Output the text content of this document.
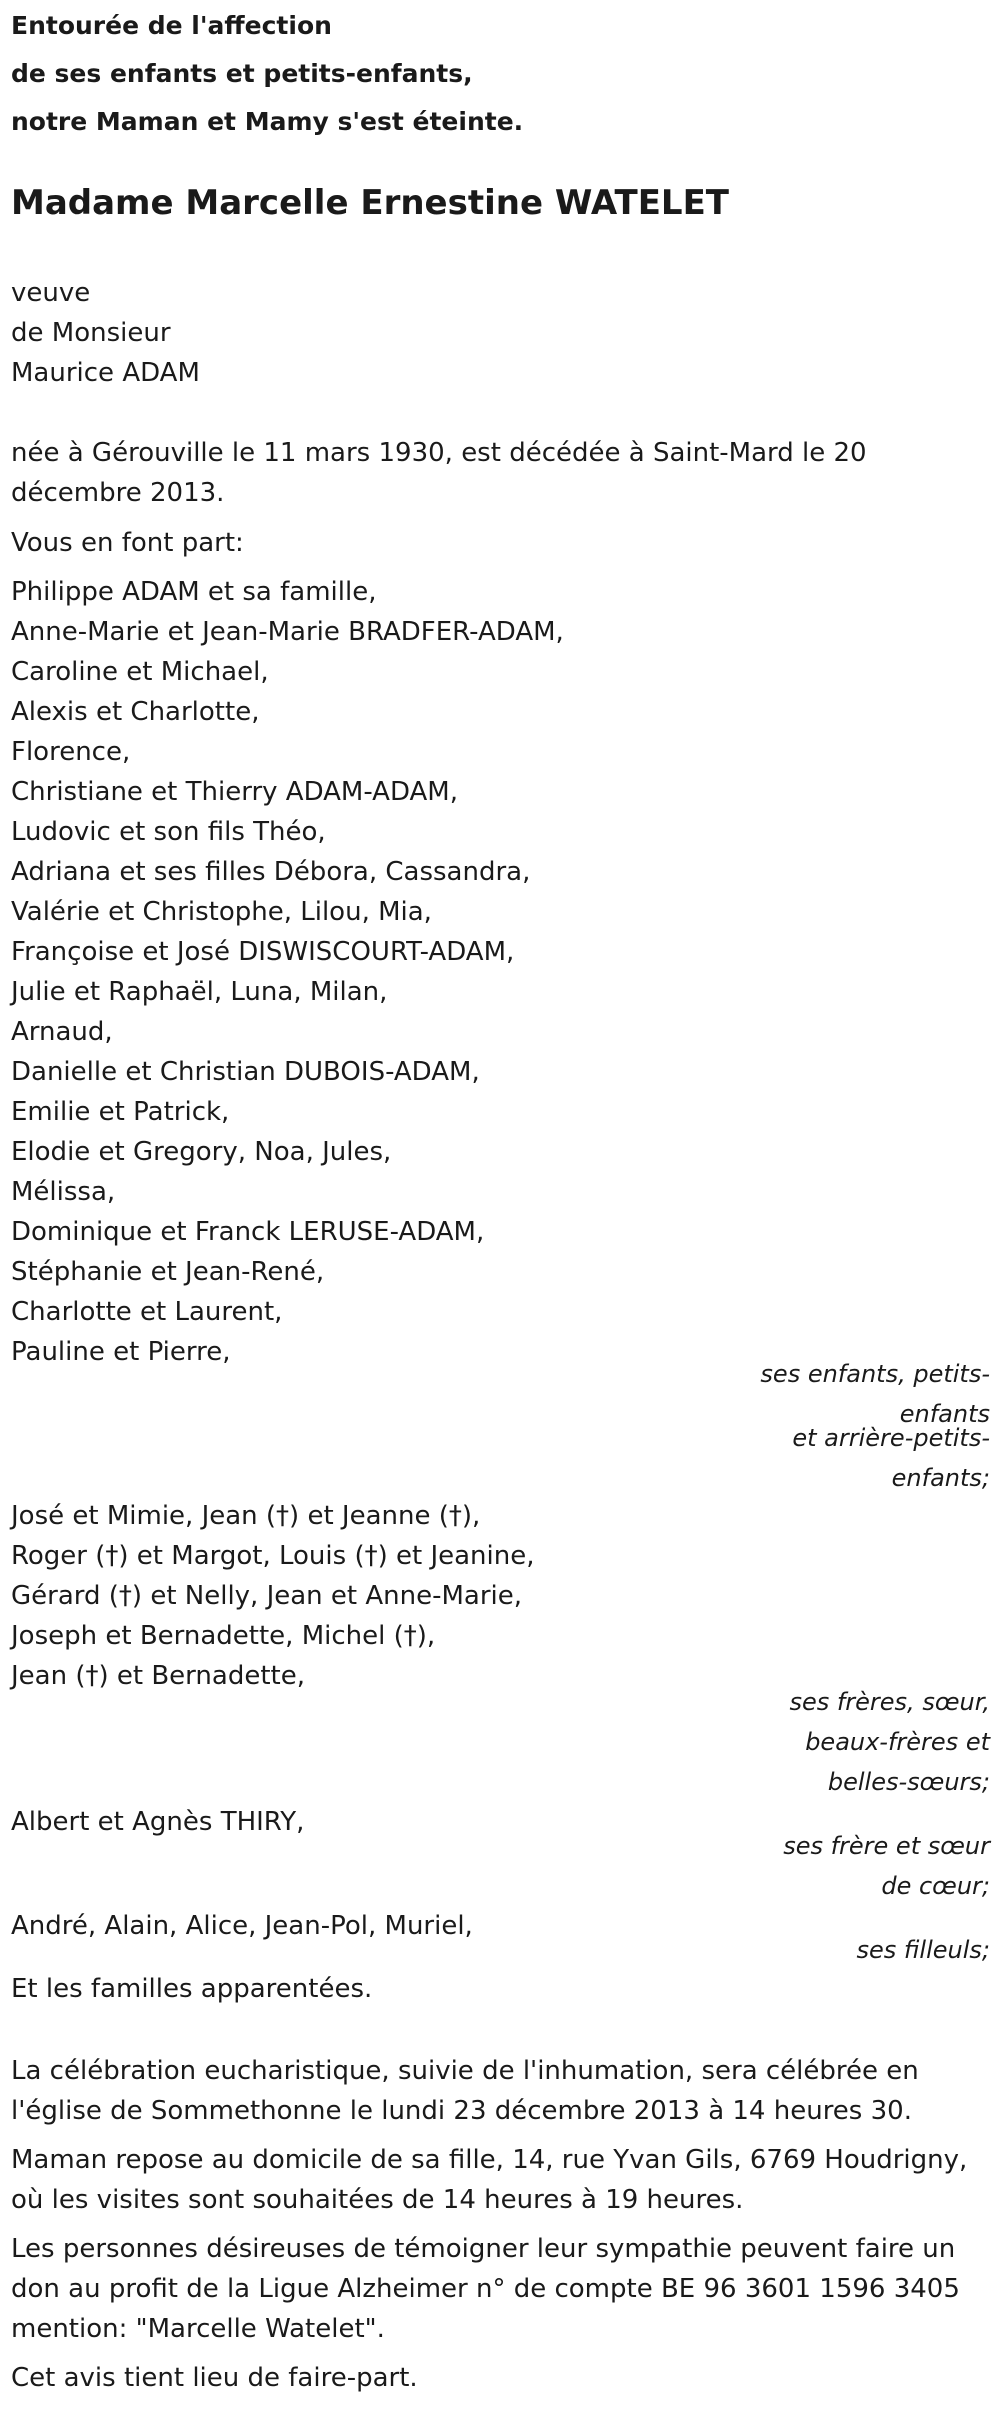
Entourée de l'affection
de ses enfants et petits-enfants,
notre Maman et Mamy s'est éteinte.
Madame Marcelle Ernestine WATELET
veuve
de Monsieur
Maurice ADAM
née à Gérouville le 11 mars 1930, est décédée à Saint-Mard le 20
décembre 2013.
Vous en font part:
Philippe ADAM et sa famille,
Anne-Marie et Jean-Marie BRADFER-ADAM,
Caroline et Michael,
Alexis et Charlotte,
Florence,
Christiane et Thierry ADAM-ADAM,
Ludovic et son fils Théo,
Adriana et ses filles Débora, Cassandra,
Valérie et Christophe, Lilou, Mia,
Françoise et José DISWISCOURT-ADAM,
Julie et Raphaël, Luna, Milan,
Arnaud,
Danielle et Christian DUBOIS-ADAM,
Emilie et Patrick,
Elodie et Gregory, Noa, Jules,
Mélissa,
Dominique et Franck LERUSE-ADAM,
Stéphanie et Jean-René,
Charlotte et Laurent,
Pauline et Pierre,
ses enfants, petits-
enfants
et arrière-petits-
enfants;
José et Mimie, Jean (†) et Jeanne (†),
Roger (†) et Margot, Louis (†) et Jeanine,
Gérard (†) et Nelly, Jean et Anne-Marie,
Joseph et Bernadette, Michel (†),
Jean (†) et Bernadette,
ses frères, sœur,
beaux-frères et
belles-sœurs;
Albert et Agnès THIRY,
ses frère et sœur
de cœur;
André, Alain, Alice, Jean-Pol, Muriel,
ses filleuls;
Et les familles apparentées.
La célébration eucharistique, suivie de l'inhumation, sera célébrée en
l'église de Sommethonne le lundi 23 décembre 2013 à 14 heures 30.
Maman repose au domicile de sa fille, 14, rue Yvan Gils, 6769 Houdrigny,
où les visites sont souhaitées de 14 heures à 19 heures.
Les personnes désireuses de témoigner leur sympathie peuvent faire un
don au profit de la Ligue Alzheimer n° de compte BE 96 3601 1596 3405
mention: "Marcelle Watelet".
Cet avis tient lieu de faire-part.
